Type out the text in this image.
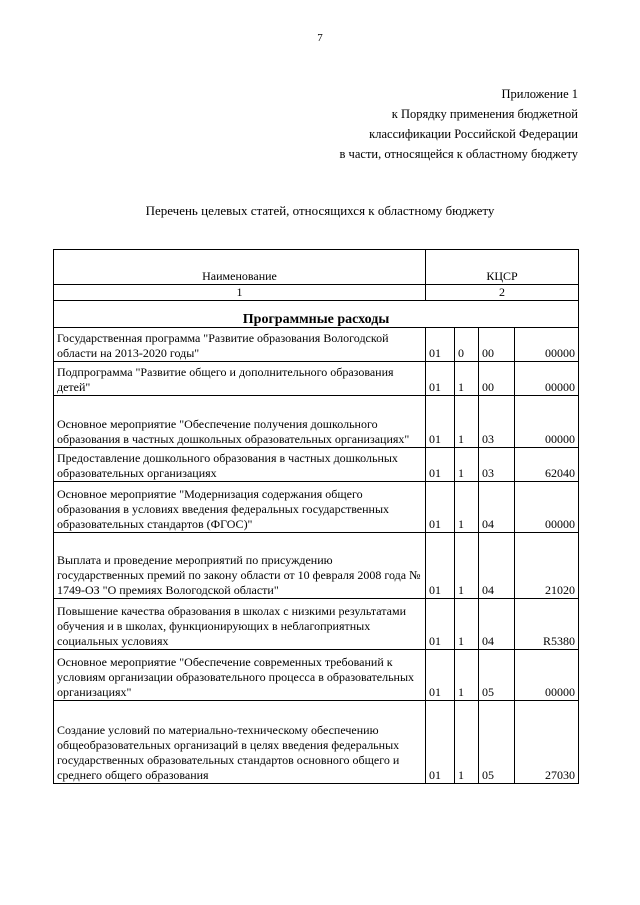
7
Приложение 1
к Порядку применения бюджетной
классификации Российской Федерации
в части, относящейся к областному бюджету
Перечень целевых статей, относящихся к областному бюджету
Наименование	КЦСР			
1	2			
Программные расходы				
Государственная программа "Развитие образования Вологодской области на 2013-2020 годы"	01	0	00	00000
Подпрограмма "Развитие общего и дополнительного образования детей"	01	1	00	00000
Основное мероприятие "Обеспечение получения дошкольного образования в частных дошкольных образовательных организациях"	01	1	03	00000
Предоставление дошкольного образования в частных дошкольных образовательных организациях	01	1	03	62040
Основное мероприятие "Модернизация содержания общего образования в условиях введения федеральных государственных образовательных стандартов (ФГОС)"	01	1	04	00000
Выплата и проведение мероприятий по присуждению государственных премий по закону области от 10 февраля 2008 года № 1749-ОЗ "О премиях Вологодской области"	01	1	04	21020
Повышение качества образования в школах с низкими результатами обучения и в школах, функционирующих в неблагоприятных социальных условиях	01	1	04	R5380
Основное мероприятие "Обеспечение современных требований к условиям организации образовательного процесса в образовательных организациях"	01	1	05	00000
Создание условий по материально-техническому обеспечению общеобразовательных организаций в целях введения федеральных государственных образовательных стандартов основного общего и среднего общего образования	01	1	05	27030
